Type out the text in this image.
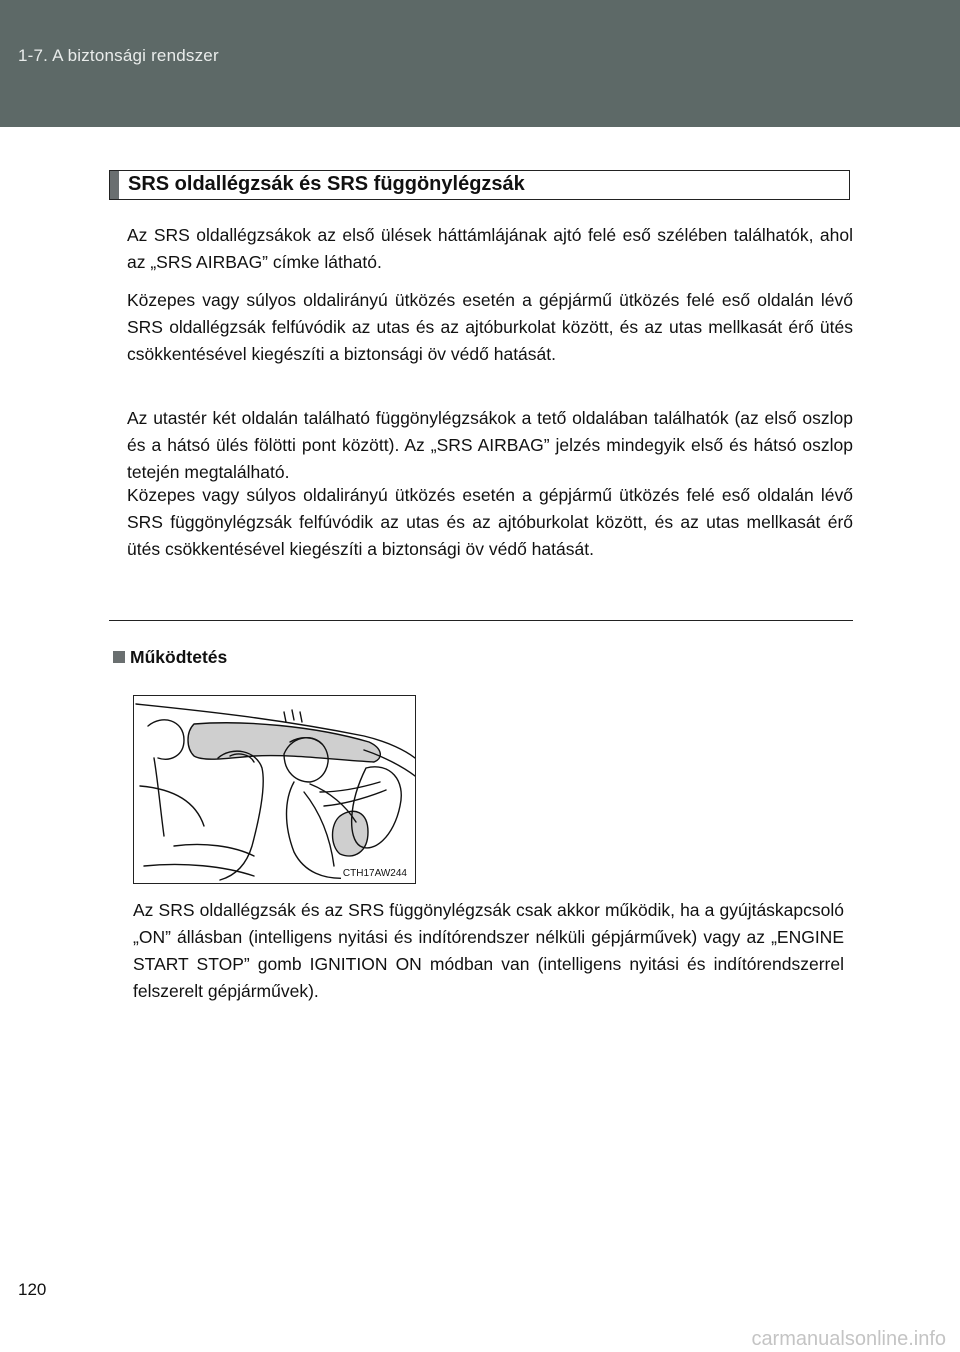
1-7. A biztonsági rendszer
SRS oldallégzsák és SRS függönylégzsák
Az SRS oldallégzsákok az első ülések háttámlájának ajtó felé eső szélében találhatók, ahol az „SRS AIRBAG” címke látható.
Közepes vagy súlyos oldalirányú ütközés esetén a gépjármű ütközés felé eső oldalán lévő SRS oldallégzsák felfúvódik az utas és az ajtóburkolat között, és az utas mellkasát érő ütés csökkentésével kiegészíti a biztonsági öv védő hatását.
Az utastér két oldalán található függönylégzsákok a tető oldalában találhatók (az első oszlop és a hátsó ülés fölötti pont között). Az „SRS AIRBAG” jelzés mindegyik első és hátsó oszlop tetején megtalálható.
Közepes vagy súlyos oldalirányú ütközés esetén a gépjármű ütközés felé eső oldalán lévő SRS függönylégzsák felfúvódik az utas és az ajtóburkolat között, és az utas mellkasát érő ütés csökkentésével kiegészíti a biztonsági öv védő hatását.
Működtetés
CTH17AW244
Az SRS oldallégzsák és az SRS függönylégzsák csak akkor működik, ha a gyújtáskapcsoló „ON” állásban (intelligens nyitási és indítórendszer nélküli gépjárművek) vagy az „ENGINE START STOP” gomb IGNITION ON módban van (intelligens nyitási és indítórendszerrel felszerelt gépjárművek).
120
carmanualsonline.info
